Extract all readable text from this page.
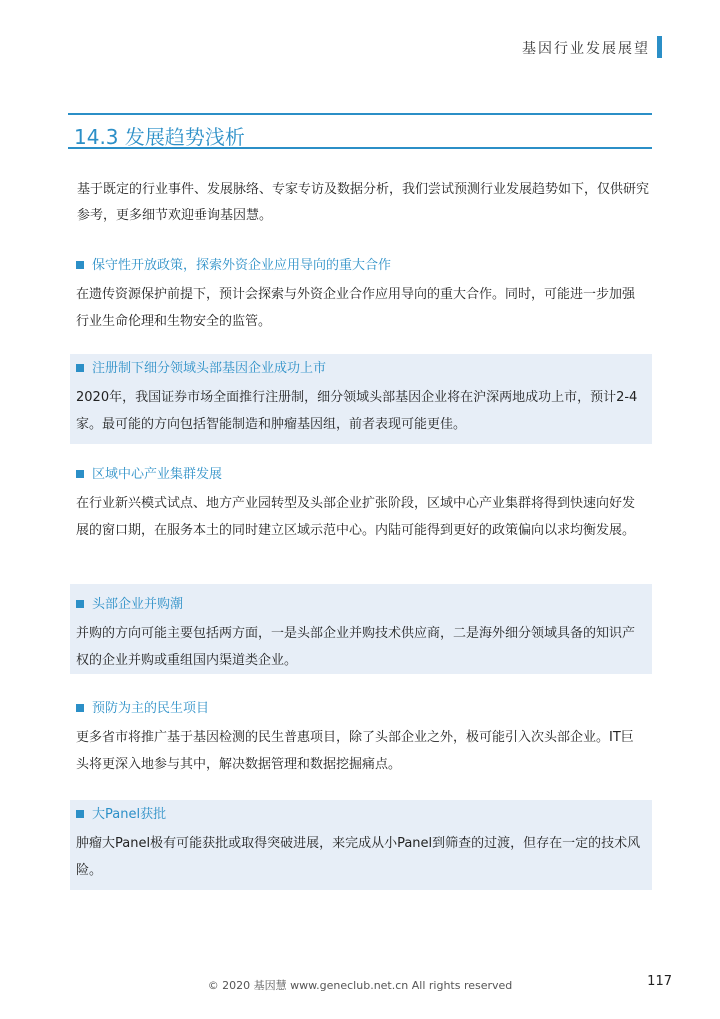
基因行业发展展望
14.3 发展趋势浅析
基于既定的行业事件、发展脉络、专家专访及数据分析，我们尝试预测行业发展趋势如下，仅供研究参考，更多细节欢迎垂询基因慧。
保守性开放政策，探索外资企业应用导向的重大合作
在遗传资源保护前提下，预计会探索与外资企业合作应用导向的重大合作。同时，可能进一步加强行业生命伦理和生物安全的监管。
注册制下细分领域头部基因企业成功上市
2020年，我国证券市场全面推行注册制，细分领域头部基因企业将在沪深两地成功上市，预计2-4家。最可能的方向包括智能制造和肿瘤基因组，前者表现可能更佳。
区域中心产业集群发展
在行业新兴模式试点、地方产业园转型及头部企业扩张阶段，区域中心产业集群将得到快速向好发展的窗口期，在服务本土的同时建立区域示范中心。内陆可能得到更好的政策偏向以求均衡发展。
头部企业并购潮
并购的方向可能主要包括两方面，一是头部企业并购技术供应商，二是海外细分领域具备的知识产权的企业并购或重组国内渠道类企业。
预防为主的民生项目
更多省市将推广基于基因检测的民生普惠项目，除了头部企业之外，极可能引入次头部企业。IT巨头将更深入地参与其中，解决数据管理和数据挖掘痛点。
大Panel获批
肿瘤大Panel极有可能获批或取得突破进展，来完成从小Panel到筛查的过渡，但存在一定的技术风险。
© 2020 基因慧 www.geneclub.net.cn All rights reserved	117
